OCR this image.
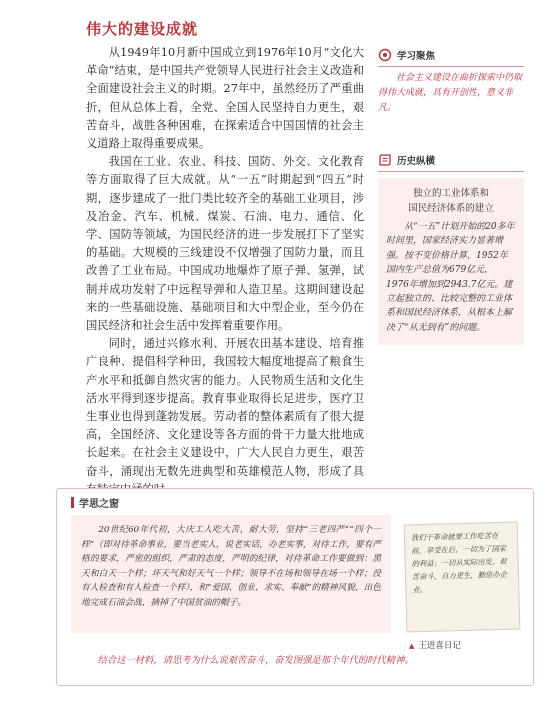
伟大的建设成就

从1949年10月新中国成立到1976年10月“文化大革命”结束，是中国共产党领导人民进行社会主义改造和全面建设社会主义的时期。27年中，虽然经历了严重曲折，但从总体上看，全党、全国人民坚持自力更生，艰苦奋斗，战胜各种困难，在探索适合中国国情的社会主义道路上取得重要成果。

我国在工业、农业、科技、国防、外交、文化教育等方面取得了巨大成就。从“一五”时期起到“四五”时期，逐步建成了一批门类比较齐全的基础工业项目，涉及冶金、汽车、机械、煤炭、石油、电力、通信、化学、国防等领域，为国民经济的进一步发展打下了坚实的基础。大规模的三线建设不仅增强了国防力量，而且改善了工业布局。中国成功地爆炸了原子弹、氢弹，试制并成功发射了中远程导弹和人造卫星。这期间建设起来的一些基础设施、基础项目和大中型企业，至今仍在国民经济和社会生活中发挥着重要作用。

同时，通过兴修水利、开展农田基本建设、培育推广良种、提倡科学种田，我国较大幅度地提高了粮食生产水平和抵御自然灾害的能力。人民物质生活和文化生活水平得到逐步提高。教育事业取得长足进步，医疗卫生事业也得到蓬勃发展。劳动者的整体素质有了很大提高，全国经济、文化建设等各方面的骨干力量大批地成长起来。在社会主义建设中，广大人民自力更生，艰苦奋斗，涌现出无数先进典型和英雄模范人物，形成了具

学习聚焦
社会主义建设在曲折探索中仍取得伟大成就，具有开创性，意义非凡。
历史纵横
独立的工业体系和
国民经济体系的建立
从“一五”计划开始的20多年时间里，国家经济实力显著增强。按不变价格计算，1952年国内生产总值为679亿元，1976年增加到2943.7亿元。建立起独立的、比较完整的工业体系和国民经济体系，从根本上解决了“从无到有”的问题。
学思之窗
20世纪60年代初，大庆工人吃大苦，耐大劳，坚持“三老四严”“四个一样”（即对待革命事业，要当老实人，说老实话，办老实事，对待工作，要有严格的要求，严密的组织，严肃的态度，严明的纪律，对待革命工作要做到：黑天和白天一个样；坏天气和好天气一个样；领导不在场和领导在场一个样；没有人检查和有人检查一个样），和“爱国、创业、求实、奉献”的精神风貌，出色地完成石油会战，摘掉了中国贫油的帽子。
我们干革命就要工作吃苦在前，享受在后，一切为了国家的利益；一切从实际出发，艰苦奋斗，自力更生，勤俭办企业。
▲ 王进喜日记
结合这一材料，请思考为什么说艰苦奋斗，奋发图强是那个年代的时代精神。
